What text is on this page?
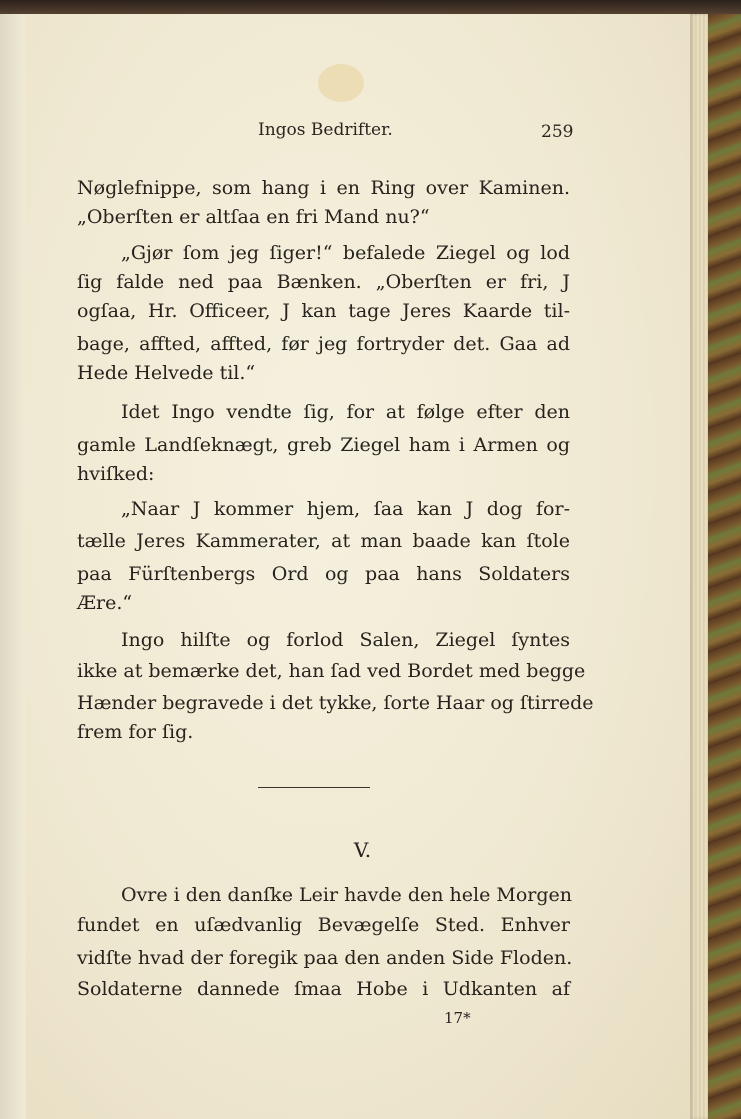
Ingos Bedrifter.	259

Nøglefnippe, som hang i en Ring over Kaminen.

„Oberſten er altſaa en fri Mand nu?“

„Gjør ſom jeg ſiger!“ befalede Ziegel og lod

ſig falde ned paa Bænken. „Oberſten er fri, J

ogſaa, Hr. Officeer, J kan tage Jeres Kaarde til-

bage, affted, affted, før jeg fortryder det. Gaa ad

Hede Helvede til.“

Idet Ingo vendte ſig, for at følge efter den

gamle Landſeknægt, greb Ziegel ham i Armen og

hviſked:

„Naar J kommer hjem, ſaa kan J dog for-

tælle Jeres Kammerater, at man baade kan ſtole

paa Fürſtenbergs Ord og paa hans Soldaters

Ære.“

Ingo hilſte og forlod Salen, Ziegel ſyntes

ikke at bemærke det, han ſad ved Bordet med begge

Hænder begravede i det tykke, ſorte Haar og ſtirrede

frem for ſig.

V.

Ovre i den danſke Leir havde den hele Morgen

fundet en uſædvanlig Bevægelſe Sted. Enhver

vidſte hvad der foregik paa den anden Side Floden.

Soldaterne dannede ſmaa Hobe i Udkanten af

17*
